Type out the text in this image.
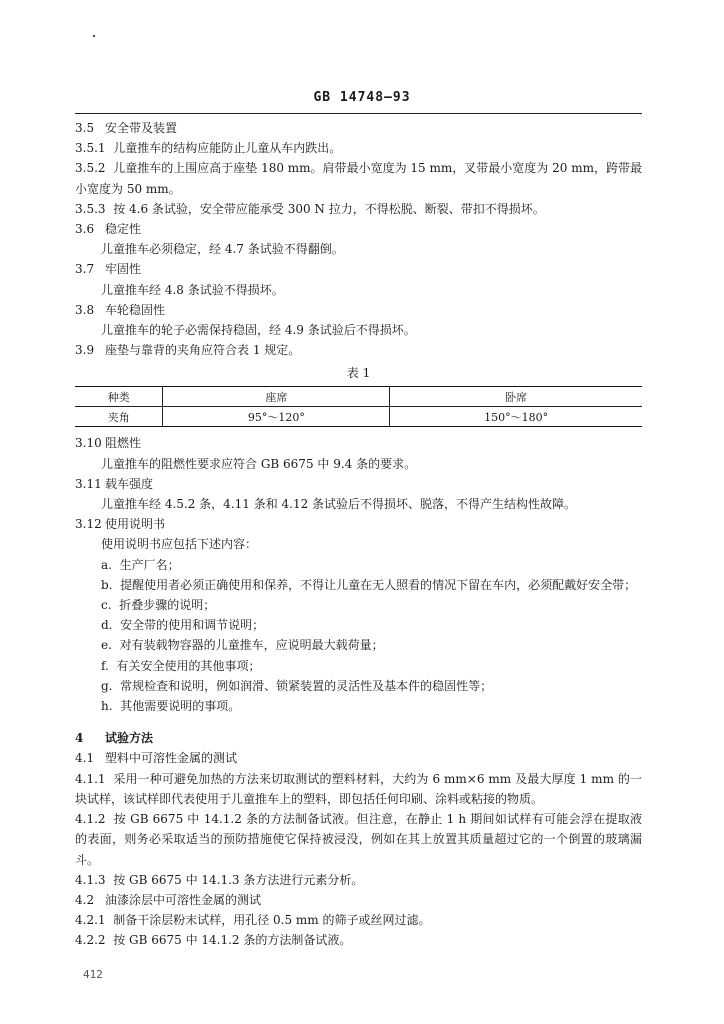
GB 14748—93
3.5 安全带及装置
3.5.1 儿童推车的结构应能防止儿童从车内跌出。
3.5.2 儿童推车的上围应高于座垫 180 mm。肩带最小宽度为 15 mm，叉带最小宽度为 20 mm，跨带最小宽度为 50 mm。
3.5.3 按 4.6 条试验，安全带应能承受 300 N 拉力，不得松脱、断裂、带扣不得损坏。
3.6 稳定性
儿童推车必须稳定，经 4.7 条试验不得翻倒。
3.7 牢固性
儿童推车经 4.8 条试验不得损坏。
3.8 车轮稳固性
儿童推车的轮子必需保持稳固，经 4.9 条试验后不得损坏。
3.9 座垫与靠背的夹角应符合表 1 规定。
表 1
种类	座席	卧席
夹角	95°～120°	150°～180°
3.10 阻燃性
儿童推车的阻燃性要求应符合 GB 6675 中 9.4 条的要求。
3.11 载车强度
儿童推车经 4.5.2 条，4.11 条和 4.12 条试验后不得损坏、脱落，不得产生结构性故障。
3.12 使用说明书
使用说明书应包括下述内容：
a. 生产厂名；
b. 提醒使用者必须正确使用和保养，不得让儿童在无人照看的情况下留在车内，必须配戴好安全带；
c. 折叠步骤的说明；
d. 安全带的使用和调节说明；
e. 对有装载物容器的儿童推车，应说明最大载荷量；
f. 有关安全使用的其他事项；
g. 常规检查和说明，例如润滑、锁紧装置的灵活性及基本件的稳固性等；
h. 其他需要说明的事项。
4 试验方法
4.1 塑料中可溶性金属的测试
4.1.1 采用一种可避免加热的方法来切取测试的塑料材料，大约为 6 mm×6 mm 及最大厚度 1 mm 的一块试样，该试样即代表使用于儿童推车上的塑料，即包括任何印刷、涂料或粘接的物质。
4.1.2 按 GB 6675 中 14.1.2 条的方法制备试液。但注意，在静止 1 h 期间如试样有可能会浮在提取液的表面，则务必采取适当的预防措施使它保持被浸没，例如在其上放置其质量超过它的一个倒置的玻璃漏斗。
4.1.3 按 GB 6675 中 14.1.3 条方法进行元素分析。
4.2 油漆涂层中可溶性金属的测试
4.2.1 制备干涂层粉末试样，用孔径 0.5 mm 的筛子或丝网过滤。
4.2.2 按 GB 6675 中 14.1.2 条的方法制备试液。
412
